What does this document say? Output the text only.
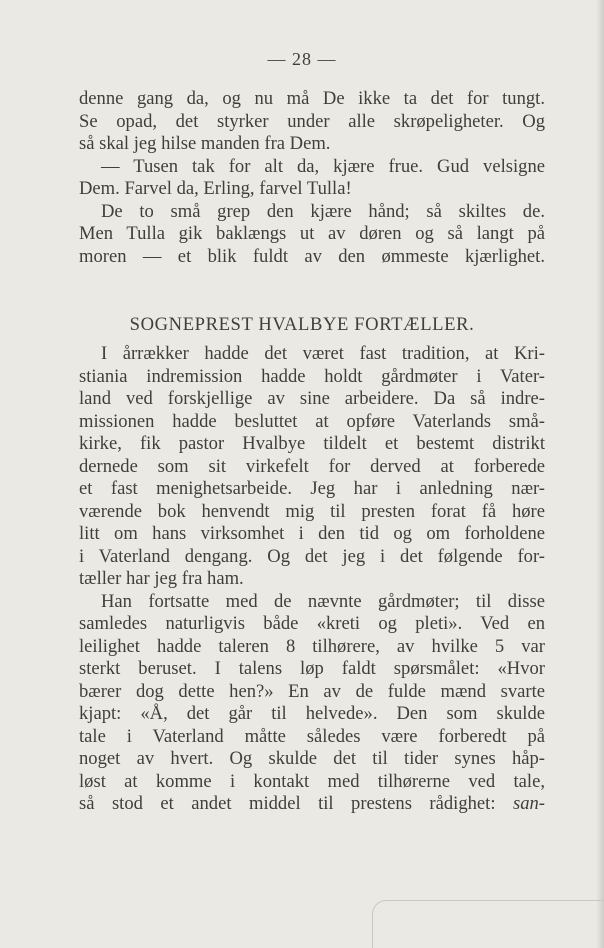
— 28 —
denne gang da, og nu må De ikke ta det for tungt.
Se opad, det styrker under alle skrøpeligheter. Og
så skal jeg hilse manden fra Dem.
— Tusen tak for alt da, kjære frue. Gud velsigne
Dem. Farvel da, Erling, farvel Tulla!
De to små grep den kjære hånd; så skiltes de.
Men Tulla gik baklængs ut av døren og så langt på
moren — et blik fuldt av den ømmeste kjærlighet.
SOGNEPREST HVALBYE FORTÆLLER.
I årrækker hadde det været fast tradition, at Kri-
stiania indremission hadde holdt gårdmøter i Vater-
land ved forskjellige av sine arbeidere. Da så indre-
missionen hadde besluttet at opføre Vaterlands små-
kirke, fik pastor Hvalbye tildelt et bestemt distrikt
dernede som sit virkefelt for derved at forberede
et fast menighetsarbeide. Jeg har i anledning nær-
værende bok henvendt mig til presten forat få høre
litt om hans virksomhet i den tid og om forholdene
i Vaterland dengang. Og det jeg i det følgende for-
tæller har jeg fra ham.
Han fortsatte med de nævnte gårdmøter; til disse
samledes naturligvis både «kreti og pleti». Ved en
leilighet hadde taleren 8 tilhørere, av hvilke 5 var
sterkt beruset. I talens løp faldt spørsmålet: «Hvor
bærer dog dette hen?» En av de fulde mænd svarte
kjapt: «Å, det går til helvede». Den som skulde
tale i Vaterland måtte således være forberedt på
noget av hvert. Og skulde det til tider synes håp-
løst at komme i kontakt med tilhørerne ved tale,
så stod et andet middel til prestens rådighet: san-
